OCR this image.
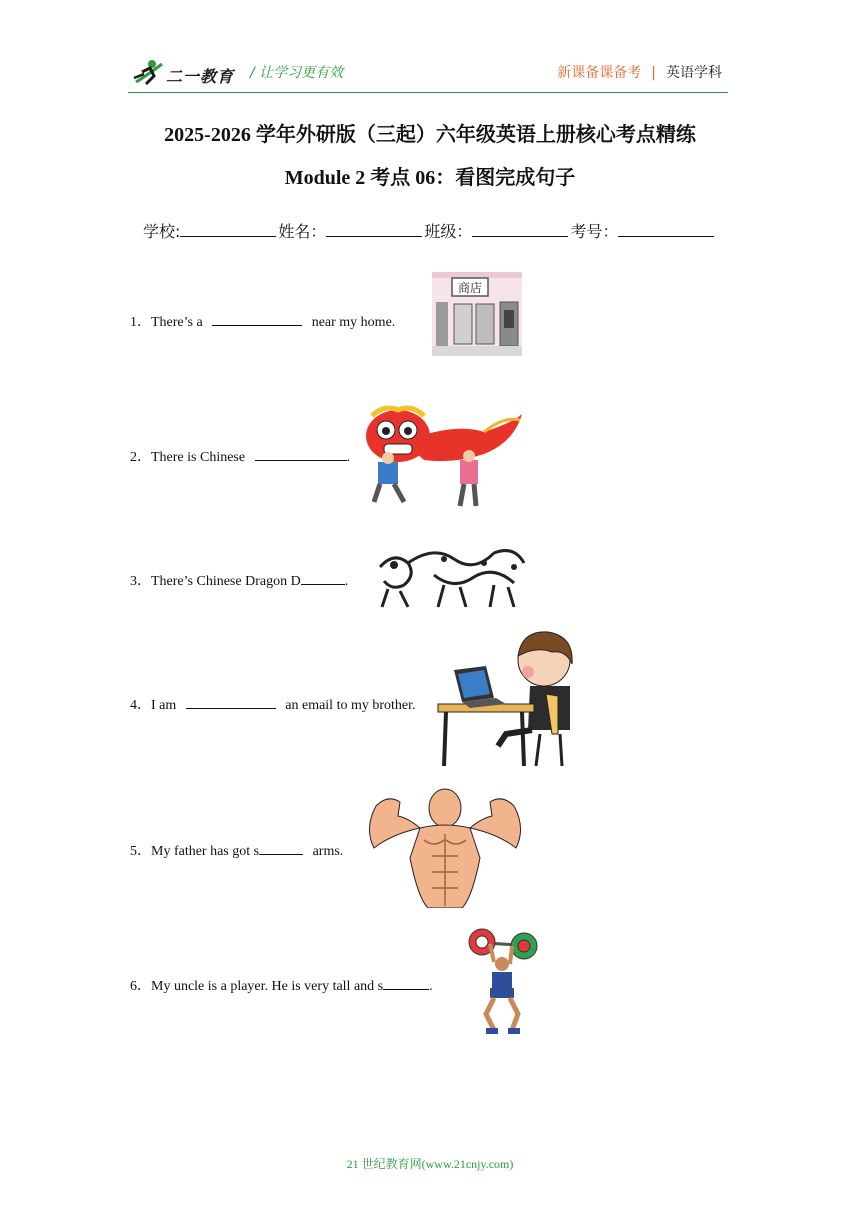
二一教育 / 让学习更有效	新课备课备考 | 英语学科
2025-2026 学年外研版（三起）六年级英语上册核心考点精练
Module 2 考点 06：看图完成句子
学校:	姓名：	班级：	考号：
1．There’s a	near my home.
商店
2．There is Chinese	.
3．There’s Chinese Dragon D	.
4．I am	an email to my brother.
5．My father has got s	arms.
6．My uncle is a player. He is very tall and s	.
21 世纪教育网(www.21cnjy.com)
